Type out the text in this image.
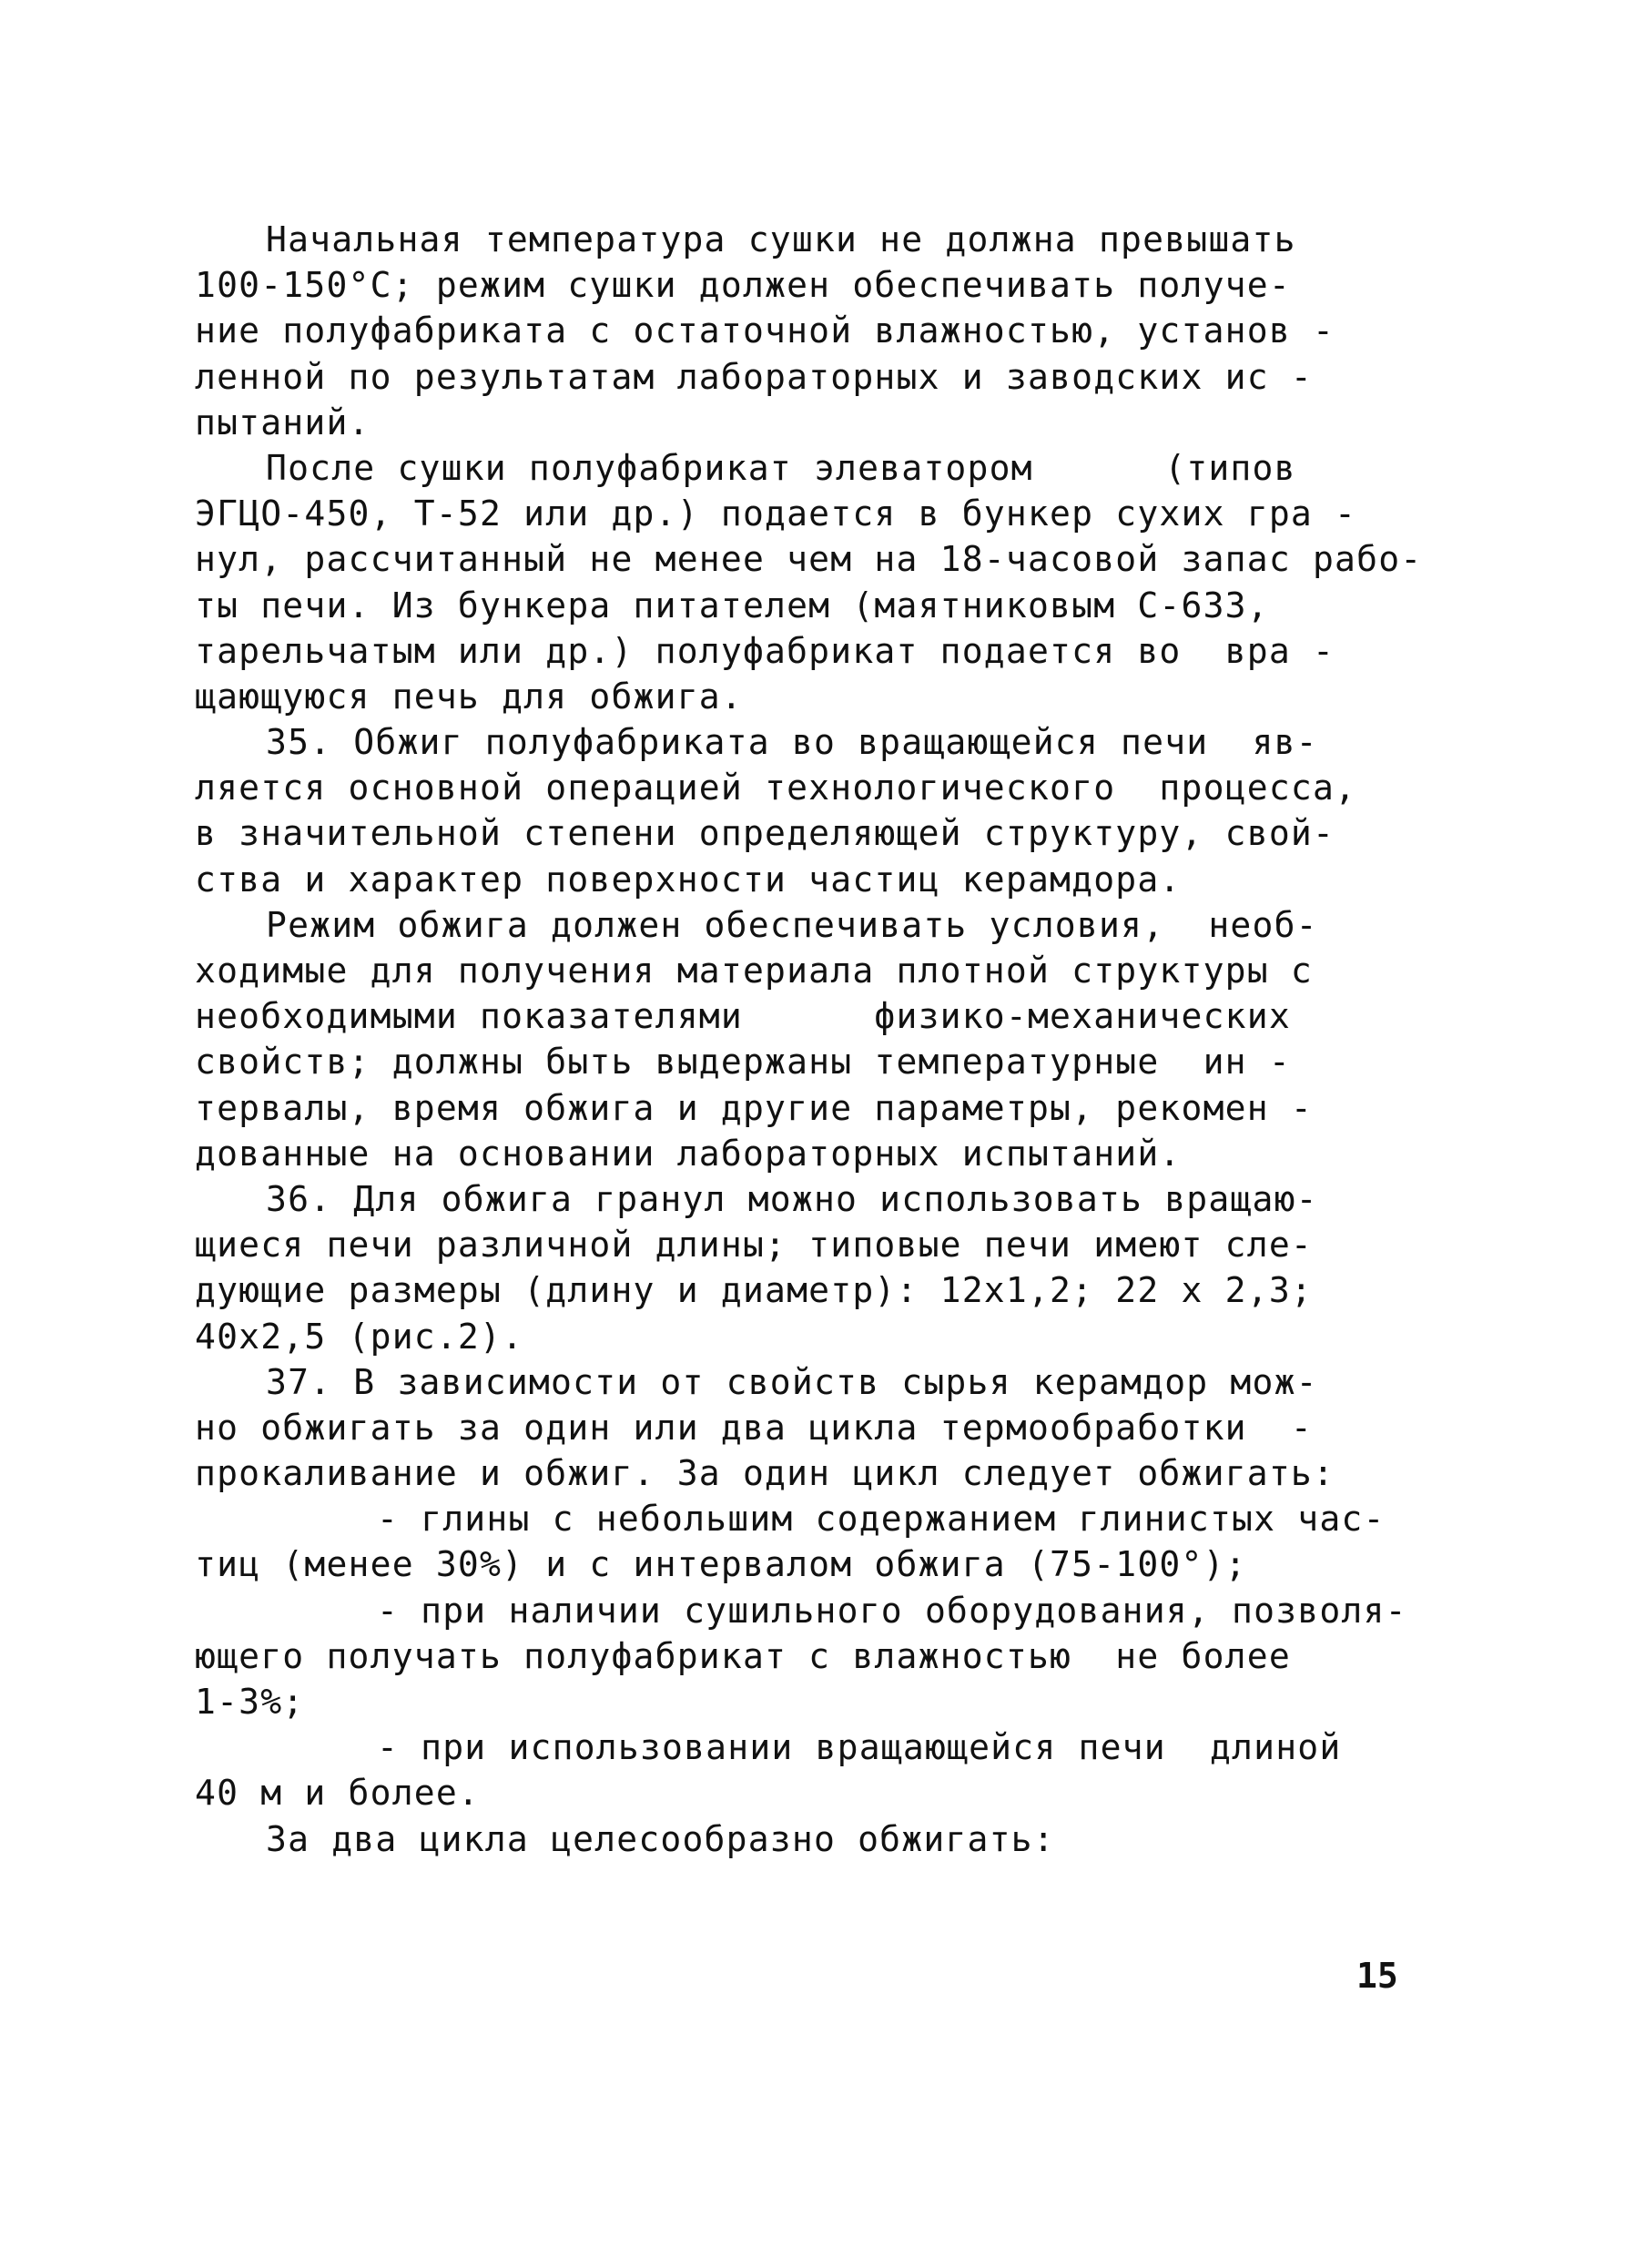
Начальная температура сушки не должна превышать
100-150°C; режим сушки должен обеспечивать получе-
ние полуфабриката с остаточной влажностью, установ -
ленной по результатам лабораторных и заводских ис -
пытаний.
После сушки полуфабрикат элеватором      (типов
ЭГЦО-450, Т-52 или др.) подается в бункер сухих гра -
нул, рассчитанный не менее чем на 18-часовой запас рабо-
ты печи. Из бункера питателем (маятниковым С-633,
тарельчатым или др.) полуфабрикат подается во  вра -
щающуюся печь для обжига.
35. Обжиг полуфабриката во вращающейся печи  яв-
ляется основной операцией технологического  процесса,
в значительной степени определяющей структуру, свой-
ства и характер поверхности частиц керамдора.
Режим обжига должен обеспечивать условия,  необ-
ходимые для получения материала плотной структуры с
необходимыми показателями      физико-механических
свойств; должны быть выдержаны температурные  ин -
тервалы, время обжига и другие параметры, рекомен -
дованные на основании лабораторных испытаний.
36. Для обжига гранул можно использовать вращаю-
щиеся печи различной длины; типовые печи имеют сле-
дующие размеры (длину и диаметр): 12x1,2; 22 x 2,3;
40x2,5 (рис.2).
37. В зависимости от свойств сырья керамдор мож-
но обжигать за один или два цикла термообработки  -
прокаливание и обжиг. За один цикл следует обжигать:
- глины с небольшим содержанием глинистых час-
тиц (менее 30%) и с интервалом обжига (75-100°);
- при наличии сушильного оборудования, позволя-
ющего получать полуфабрикат с влажностью  не более
1-3%;
- при использовании вращающейся печи  длиной
40 м и более.
За два цикла целесообразно обжигать:
15
